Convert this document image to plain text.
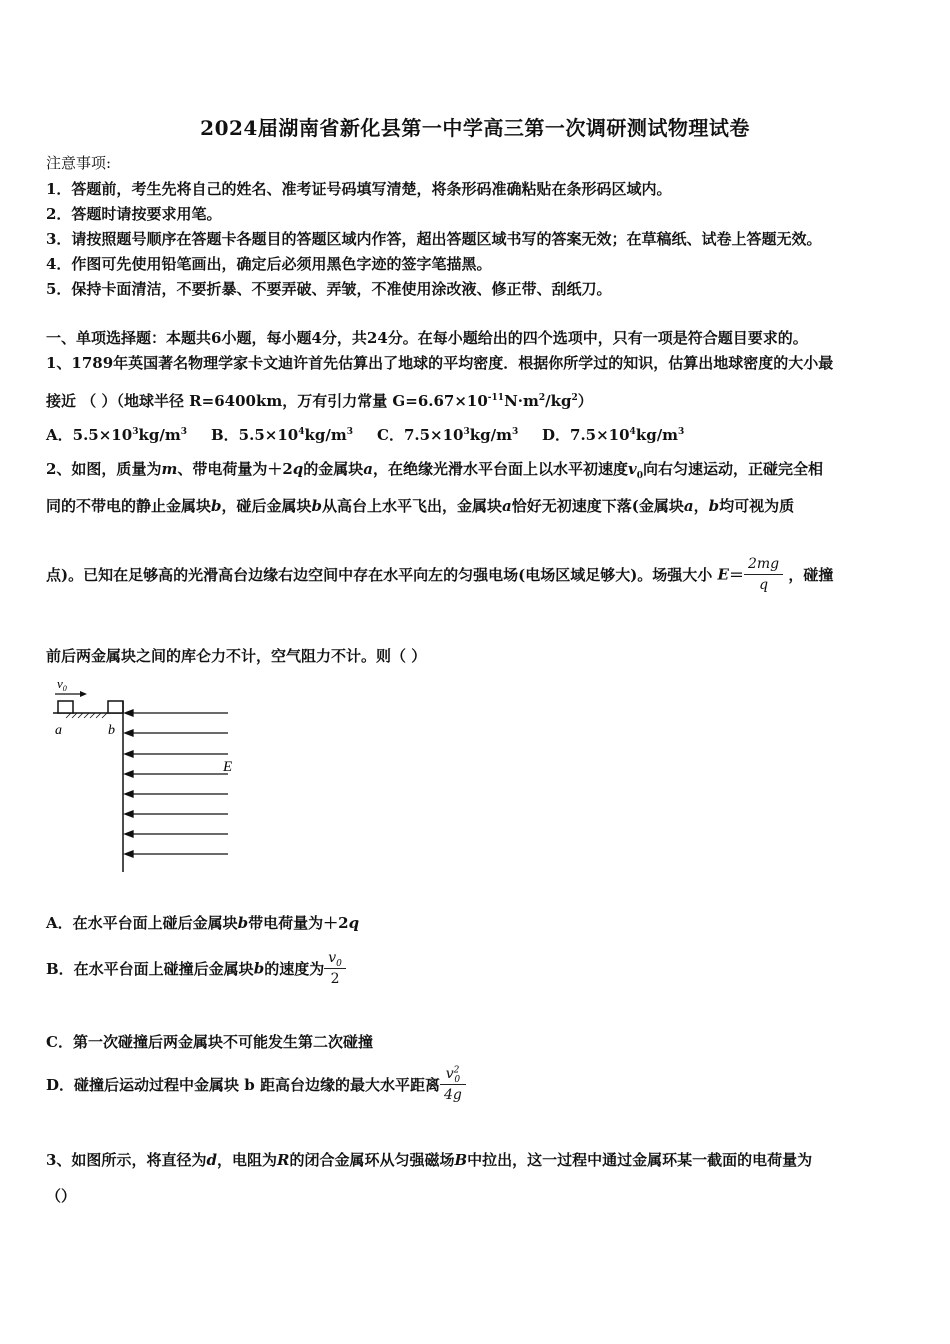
2024届湖南省新化县第一中学高三第一次调研测试物理试卷
注意事项:
1．答题前，考生先将自己的姓名、准考证号码填写清楚，将条形码准确粘贴在条形码区域内。
2．答题时请按要求用笔。
3．请按照题号顺序在答题卡各题目的答题区域内作答，超出答题区域书写的答案无效；在草稿纸、试卷上答题无效。
4．作图可先使用铅笔画出，确定后必须用黑色字迹的签字笔描黑。
5．保持卡面清洁，不要折暴、不要弄破、弄皱，不准使用涂改液、修正带、刮纸刀。
一、单项选择题：本题共6小题，每小题4分，共24分。在每小题给出的四个选项中，只有一项是符合题目要求的。
1、1789年英国著名物理学家卡文迪许首先估算出了地球的平均密度．根据你所学过的知识，估算出地球密度的大小最
接近 （ ）（地球半径 R=6400km，万有引力常量 $G=6.67\times 10^{-11}N\cdot m^2/kg^2$）
A．$5.5\times 10^3kg/m^3$ B．$5.5\times 10^4kg/m^3$ C．$7.5\times 10^3kg/m^3$ D．$7.5\times 10^4kg/m^3$
2、如图，质量为m、带电荷量为＋2q的金属块a，在绝缘光滑水平台面上以水平初速度$v_0$向右匀速运动，正碰完全相
同的不带电的静止金属块b，碰后金属块b从高台上水平飞出，金属块a恰好无初速度下落(金属块a，b均可视为质
点)。已知在足够高的光滑高台边缘右边空间中存在水平向左的匀强电场(电场区域足够大)。场强大小 $E= \frac{2mg}{q}$ ，碰撞
前后两金属块之间的库仑力不计，空气阻力不计。则（ ）
$v_0$
a	b
E
A．在水平台面上碰后金属块b带电荷量为＋2q
B．在水平台面上碰撞后金属块b的速度为 $\frac{v_0}{2}$
C．第一次碰撞后两金属块不可能发生第二次碰撞
D．碰撞后运动过程中金属块 b 距高台边缘的最大水平距离 $\frac{v^2_0}{4g}$
3、如图所示，将直径为d，电阻为R的闭合金属环从匀强磁场B中拉出，这一过程中通过金属环某一截面的电荷量为
（）
